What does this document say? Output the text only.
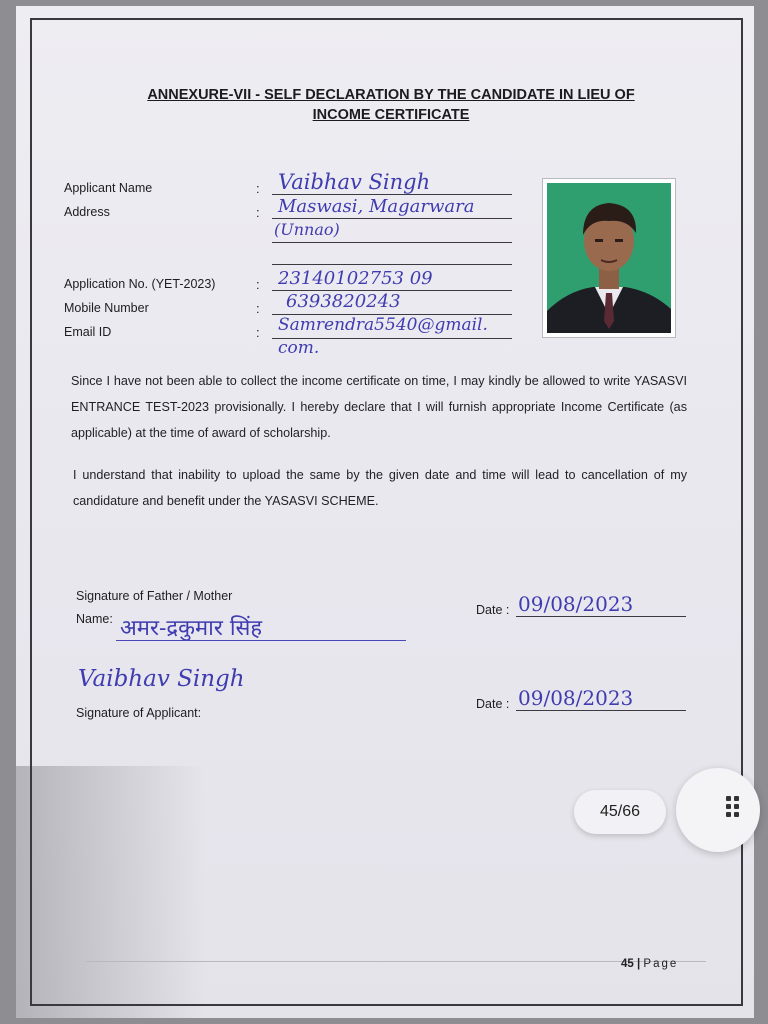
ANNEXURE-VII - SELF DECLARATION BY THE CANDIDATE IN LIEU OF
INCOME CERTIFICATE
Applicant Name
Address
Application No. (YET-2023)
Mobile Number
Email ID
:
:
:
:
:
Vaibhav Singh
Maswasi, Magarwara
(Unnao)
23140102753 09
6393820243
Samrendra5540@gmail.
com.
Since I have not been able to collect the income certificate on time, I may kindly be allowed to write YASASVI ENTRANCE TEST-2023 provisionally. I hereby declare that I will furnish appropriate Income Certificate (as applicable) at the time of award of scholarship.
I understand that inability to upload the same by the given date and time will lead to cancellation of my candidature and benefit under the YASASVI SCHEME.
Signature of Father / Mother
Name: अमर-द्रकुमार सिंह
Date : 09/08/2023
Vaibhav Singh
Signature of Applicant:
Date : 09/08/2023
45 | Page
45/66
